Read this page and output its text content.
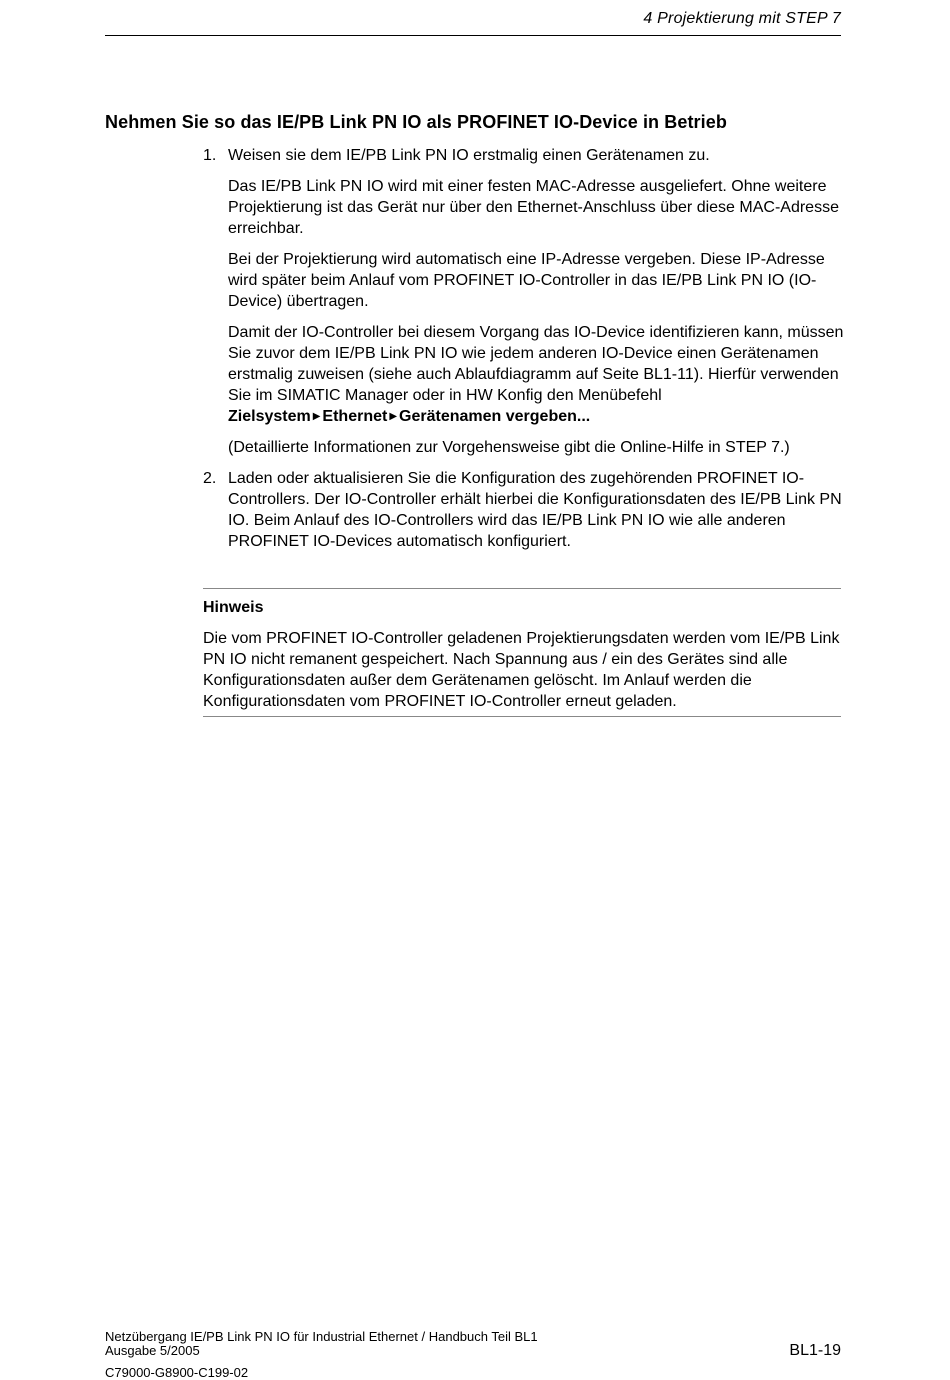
4 Projektierung mit STEP 7
Nehmen Sie so das IE/PB Link PN IO als PROFINET IO-Device in Betrieb
1. Weisen sie dem IE/PB Link PN IO erstmalig einen Gerätenamen zu.

Das IE/PB Link PN IO wird mit einer festen MAC-Adresse ausgeliefert. Ohne weitere Projektierung ist das Gerät nur über den Ethernet-Anschluss über diese MAC-Adresse erreichbar.

Bei der Projektierung wird automatisch eine IP-Adresse vergeben. Diese IP-Adresse wird später beim Anlauf vom PROFINET IO-Controller in das IE/PB Link PN IO (IO-Device) übertragen.

Damit der IO-Controller bei diesem Vorgang das IO-Device identifizieren kann, müssen Sie zuvor dem IE/PB Link PN IO wie jedem anderen IO-Device einen Gerätenamen erstmalig zuweisen (siehe auch Ablaufdiagramm auf Seite BL1-11). Hierfür verwenden Sie im SIMATIC Manager oder in HW Konfig den Menübefehl Zielsystem ▶ Ethernet ▶ Gerätenamen vergeben...

(Detaillierte Informationen zur Vorgehensweise gibt die Online-Hilfe in STEP 7.)

2. Laden oder aktualisieren Sie die Konfiguration des zugehörenden PROFINET IO-Controllers. Der IO-Controller erhält hierbei die Konfigurationsdaten des IE/PB Link PN IO. Beim Anlauf des IO-Controllers wird das IE/PB Link PN IO wie alle anderen PROFINET IO-Devices automatisch konfiguriert.

Hinweis

Die vom PROFINET IO-Controller geladenen Projektierungsdaten werden vom IE/PB Link PN IO nicht remanent gespeichert. Nach Spannung aus / ein des Gerätes sind alle Konfigurationsdaten außer dem Gerätenamen gelöscht. Im Anlauf werden die Konfigurationsdaten vom PROFINET IO-Controller erneut geladen.

Netzübergang IE/PB Link PN IO für Industrial Ethernet / Handbuch Teil BL1
Ausgabe 5/2005
C79000-G8900-C199-02
BL1-19
